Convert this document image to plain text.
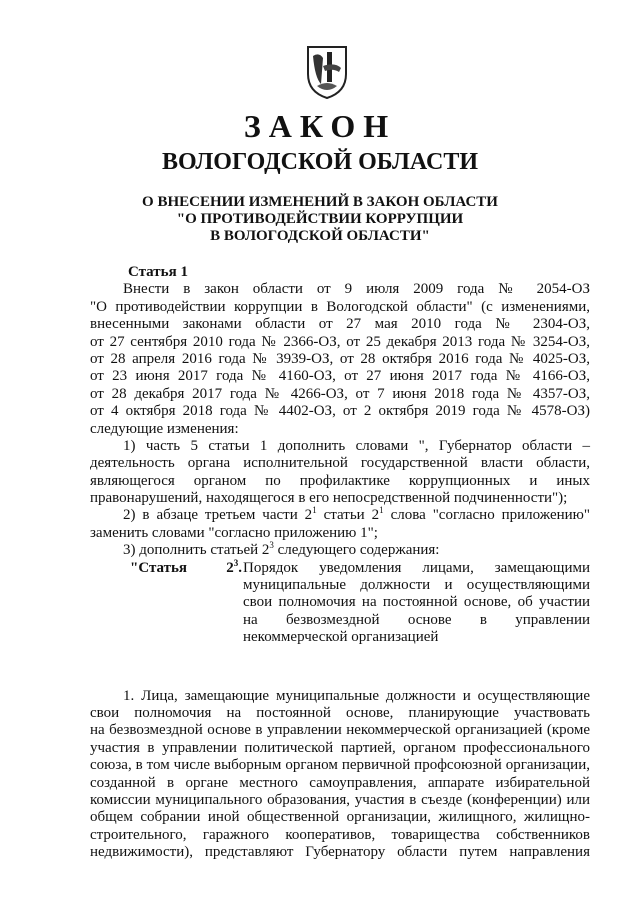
ЗАКОН
ВОЛОГОДСКОЙ ОБЛАСТИ
О ВНЕСЕНИИ ИЗМЕНЕНИЙ В ЗАКОН ОБЛАСТИ
"О ПРОТИВОДЕЙСТВИИ КОРРУПЦИИ
В ВОЛОГОДСКОЙ ОБЛАСТИ"
Статья 1
Внести в закон области от 9 июля 2009 года № 2054-ОЗ
"О противодействии коррупции в Вологодской области" (с изменениями,
внесенными законами области от 27 мая 2010 года № 2304-ОЗ,
от 27 сентября 2010 года № 2366-ОЗ, от 25 декабря 2013 года № 3254-ОЗ,
от 28 апреля 2016 года № 3939-ОЗ, от 28 октября 2016 года № 4025-ОЗ,
от 23 июня 2017 года № 4160-ОЗ, от 27 июня 2017 года № 4166-ОЗ,
от 28 декабря 2017 года № 4266-ОЗ, от 7 июня 2018 года № 4357-ОЗ,
от 4 октября 2018 года № 4402-ОЗ, от 2 октября 2019 года № 4578-ОЗ)
следующие изменения:
1) часть 5 статьи 1 дополнить словами ", Губернатор области –
деятельность органа исполнительной государственной власти области,
являющегося органом по профилактике коррупционных и иных
правонарушений, находящегося в его непосредственной подчиненности");
2) в абзаце третьем части $2^1$ статьи $2^1$ слова "согласно приложению"
заменить словами "согласно приложению 1";
3) дополнить статьей $2^3$ следующего содержания:
"Статья	$2^3$. Порядок уведомления лицами, замещающими
муниципальные должности и осуществляющими
свои полномочия на постоянной основе, об участии
на безвозмездной основе в управлении
некоммерческой организацией
1. Лица, замещающие муниципальные должности и осуществляющие
свои полномочия на постоянной основе, планирующие участвовать
на безвозмездной основе в управлении некоммерческой организацией (кроме
участия в управлении политической партией, органом профессионального
союза, в том числе выборным органом первичной профсоюзной организации,
созданной в органе местного самоуправления, аппарате избирательной
комиссии муниципального образования, участия в съезде (конференции) или
общем собрании иной общественной организации, жилищного, жилищно-
строительного, гаражного кооперативов, товарищества собственников
недвижимости), представляют Губернатору области путем направления
